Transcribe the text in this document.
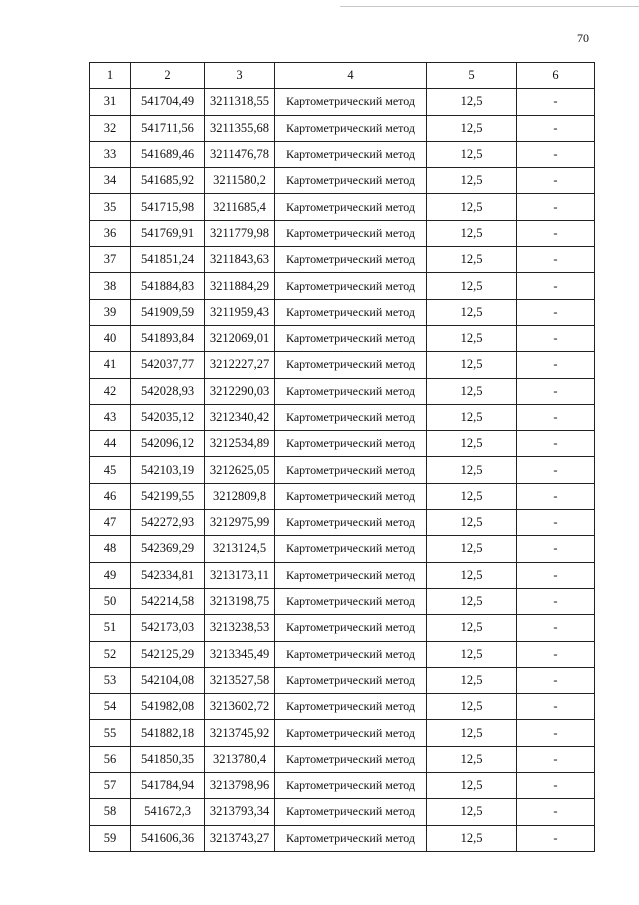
70
1	2	3	4	5	6
31	541704,49	3211318,55	Картометрический метод	12,5	-
32	541711,56	3211355,68	Картометрический метод	12,5	-
33	541689,46	3211476,78	Картометрический метод	12,5	-
34	541685,92	3211580,2	Картометрический метод	12,5	-
35	541715,98	3211685,4	Картометрический метод	12,5	-
36	541769,91	3211779,98	Картометрический метод	12,5	-
37	541851,24	3211843,63	Картометрический метод	12,5	-
38	541884,83	3211884,29	Картометрический метод	12,5	-
39	541909,59	3211959,43	Картометрический метод	12,5	-
40	541893,84	3212069,01	Картометрический метод	12,5	-
41	542037,77	3212227,27	Картометрический метод	12,5	-
42	542028,93	3212290,03	Картометрический метод	12,5	-
43	542035,12	3212340,42	Картометрический метод	12,5	-
44	542096,12	3212534,89	Картометрический метод	12,5	-
45	542103,19	3212625,05	Картометрический метод	12,5	-
46	542199,55	3212809,8	Картометрический метод	12,5	-
47	542272,93	3212975,99	Картометрический метод	12,5	-
48	542369,29	3213124,5	Картометрический метод	12,5	-
49	542334,81	3213173,11	Картометрический метод	12,5	-
50	542214,58	3213198,75	Картометрический метод	12,5	-
51	542173,03	3213238,53	Картометрический метод	12,5	-
52	542125,29	3213345,49	Картометрический метод	12,5	-
53	542104,08	3213527,58	Картометрический метод	12,5	-
54	541982,08	3213602,72	Картометрический метод	12,5	-
55	541882,18	3213745,92	Картометрический метод	12,5	-
56	541850,35	3213780,4	Картометрический метод	12,5	-
57	541784,94	3213798,96	Картометрический метод	12,5	-
58	541672,3	3213793,34	Картометрический метод	12,5	-
59	541606,36	3213743,27	Картометрический метод	12,5	-
